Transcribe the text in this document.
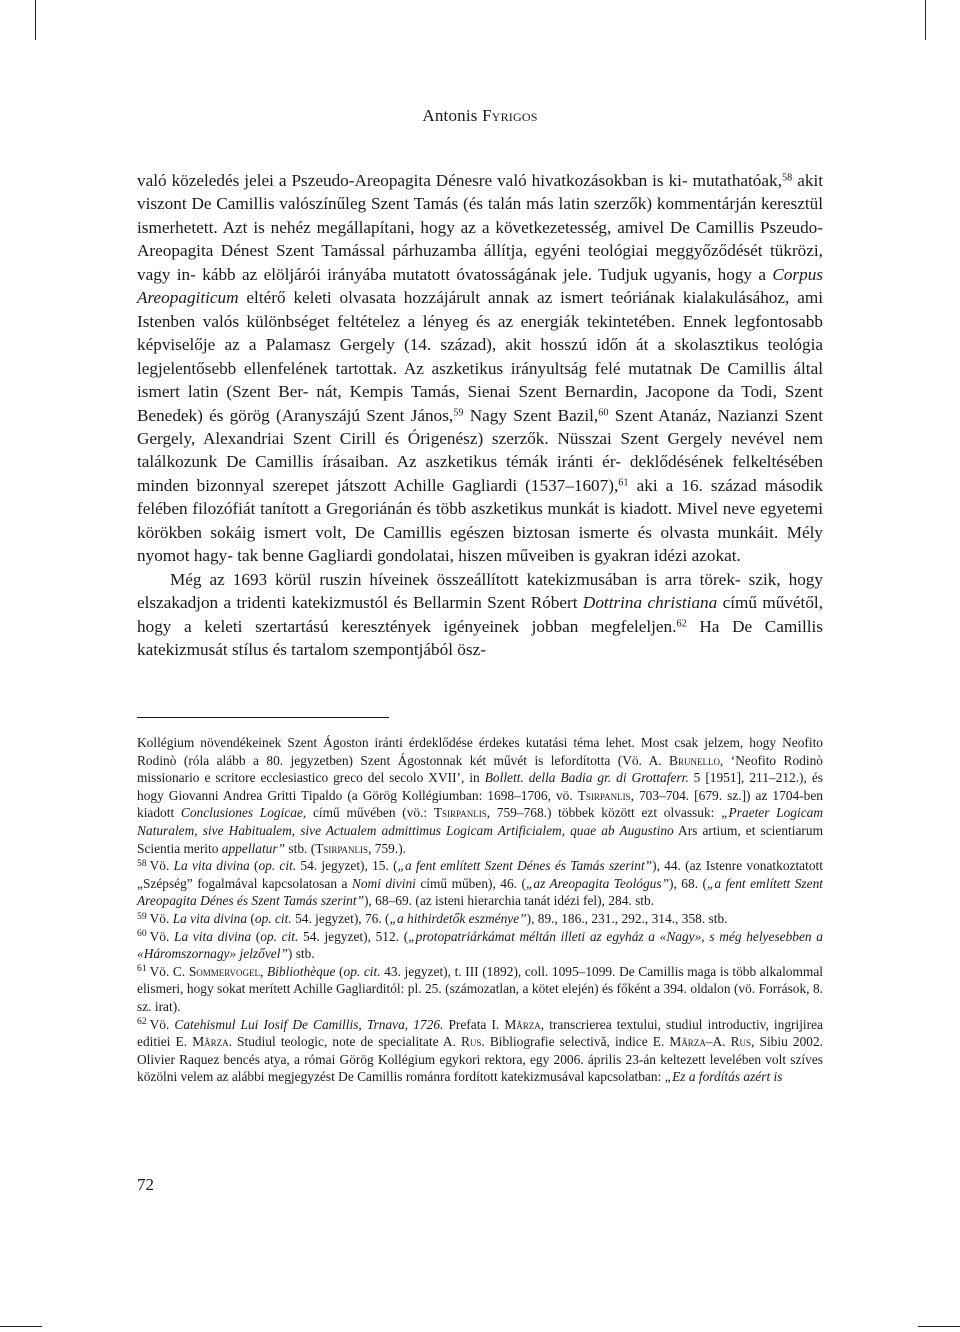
Antonis Fyrigos

való közeledés jelei a Pszeudo-Areopagita Dénesre való hivatkozásokban is ki- mutathatóak,$^{58}$ akit viszont De Camillis valószínűleg Szent Tamás (és talán más latin szerzők) kommentárján keresztül ismerhetett. Azt is nehéz megállapítani, hogy az a következetesség, amivel De Camillis Pszeudo-Areopagita Dénest Szent Tamással párhuzamba állítja, egyéni teológiai meggyőződését tükrözi, vagy in- kább az elöljárói irányába mutatott óvatosságának jele. Tudjuk ugyanis, hogy a Corpus Areopagiticum eltérő keleti olvasata hozzájárult annak az ismert teóriának kialakulásához, ami Istenben valós különbséget feltételez a lényeg és az energiák tekintetében. Ennek legfontosabb képviselője az a Palamasz Gergely (14. század), akit hosszú időn át a skolasztikus teológia legjelentősebb ellenfelének tartottak. Az aszketikus irányultság felé mutatnak De Camillis által ismert latin (Szent Ber- nát, Kempis Tamás, Sienai Szent Bernardin, Jacopone da Todi, Szent Benedek) és görög (Aranyszájú Szent János,$^{59}$ Nagy Szent Bazil,$^{60}$ Szent Atanáz, Nazianzi Szent Gergely, Alexandriai Szent Cirill és Órigenész) szerzők. Nüsszai Szent Gergely nevével nem találkozunk De Camillis írásaiban. Az aszketikus témák iránti ér- deklődésének felkeltésében minden bizonnyal szerepet játszott Achille Gagliardi (1537–1607),$^{61}$ aki a 16. század második felében filozófiát tanított a Gregoriánán és több aszketikus munkát is kiadott. Mivel neve egyetemi körökben sokáig ismert volt, De Camillis egészen biztosan ismerte és olvasta munkáit. Mély nyomot hagy- tak benne Gagliardi gondolatai, hiszen műveiben is gyakran idézi azokat.

Még az 1693 körül ruszin híveinek összeállított katekizmusában is arra törek- szik, hogy elszakadjon a tridenti katekizmustól és Bellarmin Szent Róbert Dottrina christiana című művétől, hogy a keleti szertartású keresztények igényeinek jobban megfeleljen.$^{62}$ Ha De Camillis katekizmusát stílus és tartalom szempontjából ösz-

Kollégium növendékeinek Szent Ágoston iránti érdeklődése érdekes kutatási téma lehet. Most csak jelzem, hogy Neofito Rodinò (róla alább a 80. jegyzetben) Szent Ágostonnak két művét is lefordította (Vö. A. Brunello, ‘Neofito Rodinò missionario e scritore ecclesiastico greco del secolo XVII’, in Bollett. della Badia gr. di Grottaferr. 5 [1951], 211–212.), és hogy Giovanni Andrea Gritti Tipaldo (a Görög Kollégiumban: 1698–1706, vö. Tsirpanlis, 703–704. [679. sz.]) az 1704-ben kiadott Conclusiones Logicae, című művében (vö.: Tsirpanlis, 759–768.) többek között ezt olvassuk: „Praeter Logicam Naturalem, sive Habitualem, sive Actualem admittimus Logicam Artificialem, quae ab Augustino Ars artium, et scientiarum Scientia merito appellatur” stb. (Tsirpanlis, 759.).

$^{58}$ Vö. La vita divina (op. cit. 54. jegyzet), 15. („a fent említett Szent Dénes és Tamás szerint”), 44. (az Istenre vonatkoztatott „Szépség” fogalmával kapcsolatosan a Nomi divini című műben), 46. („az Areopagita Teológus”), 68. („a fent említett Szent Areopagita Dénes és Szent Tamás szerint”), 68–69. (az isteni hierarchia tanát idézi fel), 284. stb.

$^{59}$ Vö. La vita divina (op. cit. 54. jegyzet), 76. („a hithirdetők eszménye”), 89., 186., 231., 292., 314., 358. stb.

$^{60}$ Vö. La vita divina (op. cit. 54. jegyzet), 512. („protopatriárkámat méltán illeti az egyház a «Nagy», s még helyesebben a «Háromszornagy» jelzővel”) stb.

$^{61}$ Vö. C. Sommervogel, Bibliothèque (op. cit. 43. jegyzet), t. III (1892), coll. 1095–1099. De Camillis maga is több alkalommal elismeri, hogy sokat merített Achille Gagliarditól: pl. 25. (számozatlan, a kötet elején) és főként a 394. oldalon (vö. Források, 8. sz. irat).

$^{62}$ Vö. Catehismul Lui Iosif De Camillis, Trnava, 1726. Prefata I. Mârza, transcrierea textului, studiul introductiv, ingrijirea editiei E. Mârza. Studiul teologic, note de specialitate A. Rus. Bibliografie selectivă, indice E. Mârza–A. Rus, Sibiu 2002. Olivier Raquez bencés atya, a római Görög Kollégium egykori rektora, egy 2006. április 23-án keltezett levelében volt szíves közölni velem az alábbi megjegyzést De Camillis románra fordított katekizmusával kapcsolatban: „Ez a fordítás azért is

72
